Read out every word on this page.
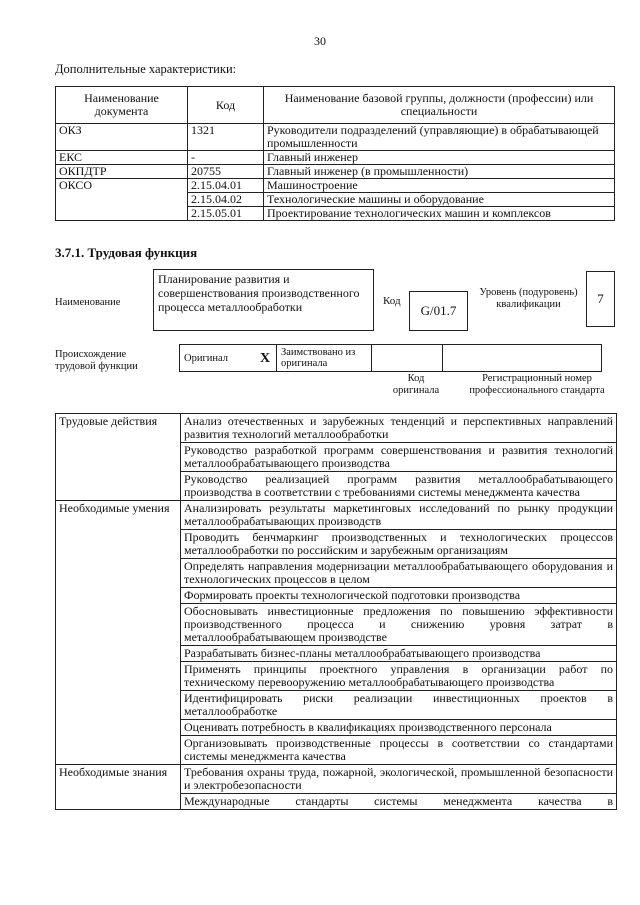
30
Дополнительные характеристики:
Наименование документа	Код	Наименование базовой группы, должности (профессии) или специальности
ОКЗ	1321	Руководители подразделений (управляющие) в обрабатывающей промышленности
ЕКС	-	Главный инженер
ОКПДТР	20755	Главный инженер (в промышленности)
ОКСО	2.15.04.01	Машиностроение
	2.15.04.02	Технологические машины и оборудование
	2.15.05.01	Проектирование технологических машин и комплексов
3.7.1. Трудовая функция
Наименование
Планирование развития и совершенствования производственного процесса металлообработки	Код
G/01.7
Уровень (подуровень) квалификации	7
Происхождение трудовой функции
Оригинал	X	Заимствовано из оригинала		
Код оригинала
Регистрационный номер профессионального стандарта
Трудовые действия	Анализ отечественных и зарубежных тенденций и перспективных направлений развития технологий металлообработки
	Руководство разработкой программ совершенствования и развития технологий металлообрабатывающего производства
	Руководство реализацией программ развития металлообрабатывающего производства в соответствии с требованиями системы менеджмента качества
Необходимые умения	Анализировать результаты маркетинговых исследований по рынку продукции металлообрабатывающих производств
	Проводить бенчмаркинг производственных и технологических процессов металлообработки по российским и зарубежным организациям
	Определять направления модернизации металлообрабатывающего оборудования и технологических процессов в целом
	Формировать проекты технологической подготовки производства
	Обосновывать инвестиционные предложения по повышению эффективности производственного процесса и снижению уровня затрат в металлообрабатывающем производстве
	Разрабатывать бизнес-планы металлообрабатывающего производства
	Применять принципы проектного управления в организации работ по техническому перевооружению металлообрабатывающего производства
	Идентифицировать риски реализации инвестиционных проектов в металлообработке
	Оценивать потребность в квалификациях производственного персонала
	Организовывать производственные процессы в соответствии со стандартами системы менеджмента качества
Необходимые знания	Требования охраны труда, пожарной, экологической, промышленной безопасности и электробезопасности
	Международные стандарты системы менеджмента качества в
